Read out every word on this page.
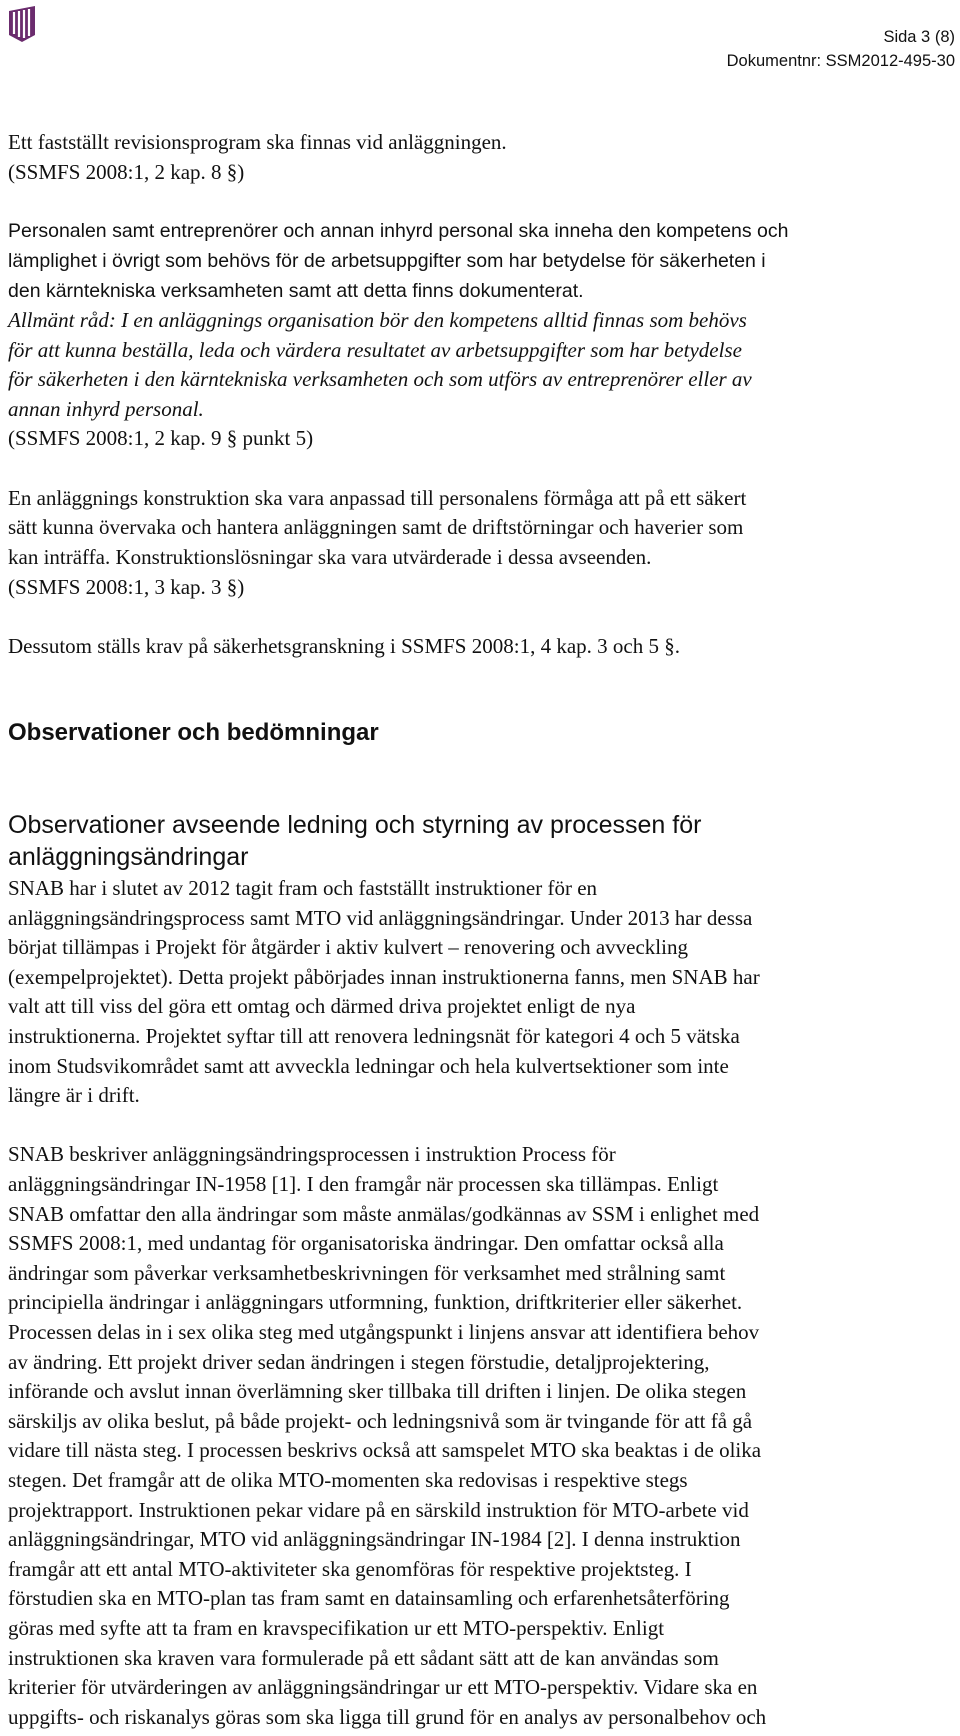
Sida 3 (8)
Dokumentnr: SSM2012-495-30

Ett fastställt revisionsprogram ska finnas vid anläggningen.
(SSMFS 2008:1, 2 kap. 8 §)

Personalen samt entreprenörer och annan inhyrd personal ska inneha den kompetens och
lämplighet i övrigt som behövs för de arbetsuppgifter som har betydelse för säkerheten i
den kärntekniska verksamheten samt att detta finns dokumenterat.

Allmänt råd: I en anläggnings organisation bör den kompetens alltid finnas som behövs
för att kunna beställa, leda och värdera resultatet av arbetsuppgifter som har betydelse
för säkerheten i den kärntekniska verksamheten och som utförs av entreprenörer eller av
annan inhyrd personal.

(SSMFS 2008:1, 2 kap. 9 § punkt 5)

En anläggnings konstruktion ska vara anpassad till personalens förmåga att på ett säkert
sätt kunna övervaka och hantera anläggningen samt de driftstörningar och haverier som
kan inträffa. Konstruktionslösningar ska vara utvärderade i dessa avseenden.
(SSMFS 2008:1, 3 kap. 3 §)

Dessutom ställs krav på säkerhetsgranskning i SSMFS 2008:1, 4 kap. 3 och 5 §.

Observationer och bedömningar
Observationer avseende ledning och styrning av processen för
anläggningsändringar

SNAB har i slutet av 2012 tagit fram och fastställt instruktioner för en
anläggningsändringsprocess samt MTO vid anläggningsändringar. Under 2013 har dessa
börjat tillämpas i Projekt för åtgärder i aktiv kulvert – renovering och avveckling
(exempelprojektet). Detta projekt påbörjades innan instruktionerna fanns, men SNAB har
valt att till viss del göra ett omtag och därmed driva projektet enligt de nya
instruktionerna. Projektet syftar till att renovera ledningsnät för kategori 4 och 5 vätska
inom Studsvikområdet samt att avveckla ledningar och hela kulvertsektioner som inte
längre är i drift.

SNAB beskriver anläggningsändringsprocessen i instruktion Process för
anläggningsändringar IN-1958 [1]. I den framgår när processen ska tillämpas. Enligt
SNAB omfattar den alla ändringar som måste anmälas/godkännas av SSM i enlighet med
SSMFS 2008:1, med undantag för organisatoriska ändringar. Den omfattar också alla
ändringar som påverkar verksamhetbeskrivningen för verksamhet med strålning samt
principiella ändringar i anläggningars utformning, funktion, driftkriterier eller säkerhet.
Processen delas in i sex olika steg med utgångspunkt i linjens ansvar att identifiera behov
av ändring. Ett projekt driver sedan ändringen i stegen förstudie, detaljprojektering,
införande och avslut innan överlämning sker tillbaka till driften i linjen. De olika stegen
särskiljs av olika beslut, på både projekt- och ledningsnivå som är tvingande för att få gå
vidare till nästa steg. I processen beskrivs också att samspelet MTO ska beaktas i de olika
stegen. Det framgår att de olika MTO-momenten ska redovisas i respektive stegs
projektrapport. Instruktionen pekar vidare på en särskild instruktion för MTO-arbete vid
anläggningsändringar, MTO vid anläggningsändringar IN-1984 [2]. I denna instruktion
framgår att ett antal MTO-aktiviteter ska genomföras för respektive projektsteg. I
förstudien ska en MTO-plan tas fram samt en datainsamling och erfarenhetsåterföring
göras med syfte att ta fram en kravspecifikation ur ett MTO-perspektiv. Enligt
instruktionen ska kraven vara formulerade på ett sådant sätt att de kan användas som
kriterier för utvärderingen av anläggningsändringar ur ett MTO-perspektiv. Vidare ska en
uppgifts- och riskanalys göras som ska ligga till grund för en analys av personalbehov och
